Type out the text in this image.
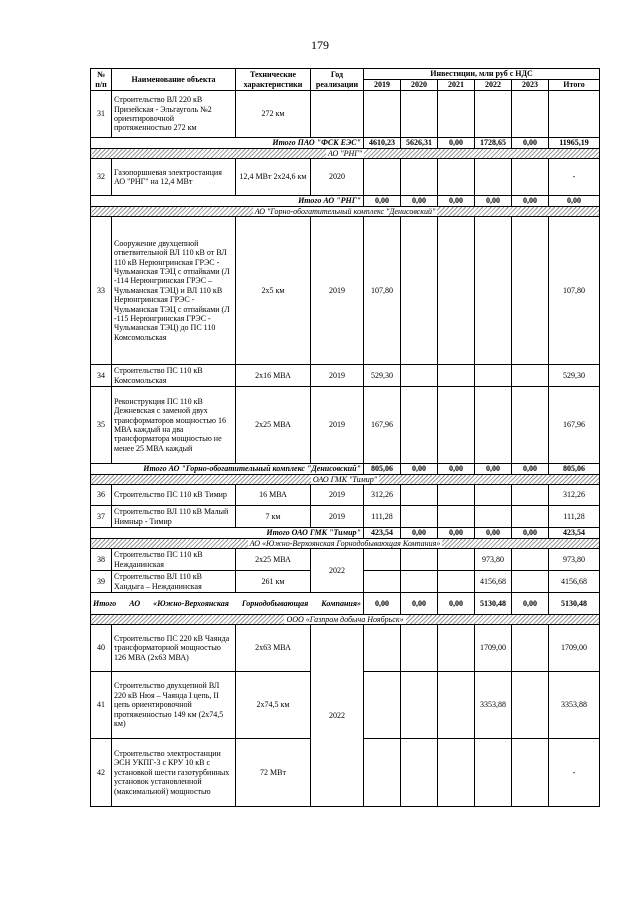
179
№ п/п	Наименование объекта	Технические характеристики	Год реализации	Инвестиции, млн руб с НДС					
				2019	2020	2021	2022	2023	Итого
31	Строительство ВЛ 220 кВ Призейская - Эльгауголь №2 ориентировочной протяженностью 272 км	272 км							
Итого ПАО "ФСК ЕЭС"				4610,23	5626,31	0,00	1728,65	0,00	11965,19
АО "РНГ"									
32	Газопоршневая электростанция АО "РНГ" на 12,4 МВт	12,4 МВт 2х24,6 км	2020						-
Итого АО "РНГ"				0,00	0,00	0,00	0,00	0,00	0,00
АО "Горно-обогатительный комплекс "Денисовский"									
33	Сооружение двухцепной ответвительной ВЛ 110 кВ от ВЛ 110 кВ Нерюнгринская ГРЭС - Чульманская ТЭЦ с отпайками (Л -114 Нерюнгринская ГРЭС – Чульманская ТЭЦ) и ВЛ 110 кВ Нерюнгринская ГРЭС - Чульманская ТЭЦ с отпайками (Л -115 Нерюнгринская ГРЭС - Чульманская ТЭЦ) до ПС 110 Комсомольская	2х5 км	2019	107,80					107,80
34	Строительство ПС 110 кВ Комсомольская	2х16 МВА	2019	529,30					529,30
35	Реконструкция ПС 110 кВ Дежневская с заменой двух трансформаторов мощностью 16 МВА каждый на два трансформатора мощностью не менее 25 МВА каждый	2х25 МВА	2019	167,96					167,96
Итого АО "Горно-обогатительный комплекс "Денисовский"				805,06	0,00	0,00	0,00	0,00	805,06
ОАО ГМК "Тимир"									
36	Строительство ПС 110 кВ Тимир	16 МВА	2019	312,26					312,26
37	Строительство ВЛ 110 кВ Малый Нимныр - Тимир	7 км	2019	111,28					111,28
Итого ОАО ГМК "Тимир"				423,54	0,00	0,00	0,00	0,00	423,54
АО «Южно-Верхоянская Горнодобывающая Компания»									
38	Строительство ПС 110 кВ Нежданинская	2х25 МВА	2022				973,80		973,80
39	Строительство ВЛ 110 кВ Хандыга – Нежданинская	261 км					4156,68		4156,68
Итого АО «Южно-Верхоянская Горнодобывающая Компания»				0,00	0,00	0,00	5130,48	0,00	5130,48
ООО «Газпром добыча Ноябрьск»									
40	Строительство ПС 220 кВ Чаянда трансформаторной мощностью 126 МВА (2х63 МВА)	2х63 МВА	2022				1709,00		1709,00
41	Строительство двухцепной ВЛ 220 кВ Нюя – Чаянда I цепь, II цепь ориентировочной протяженностью 149 км (2х74,5 км)	2х74,5 км					3353,88		3353,88
42	Строительство электростанции ЭСН УКПГ-3 с КРУ 10 кВ с установкой шести газотурбинных установок установленной (максимальной) мощностью	72 МВт							-
